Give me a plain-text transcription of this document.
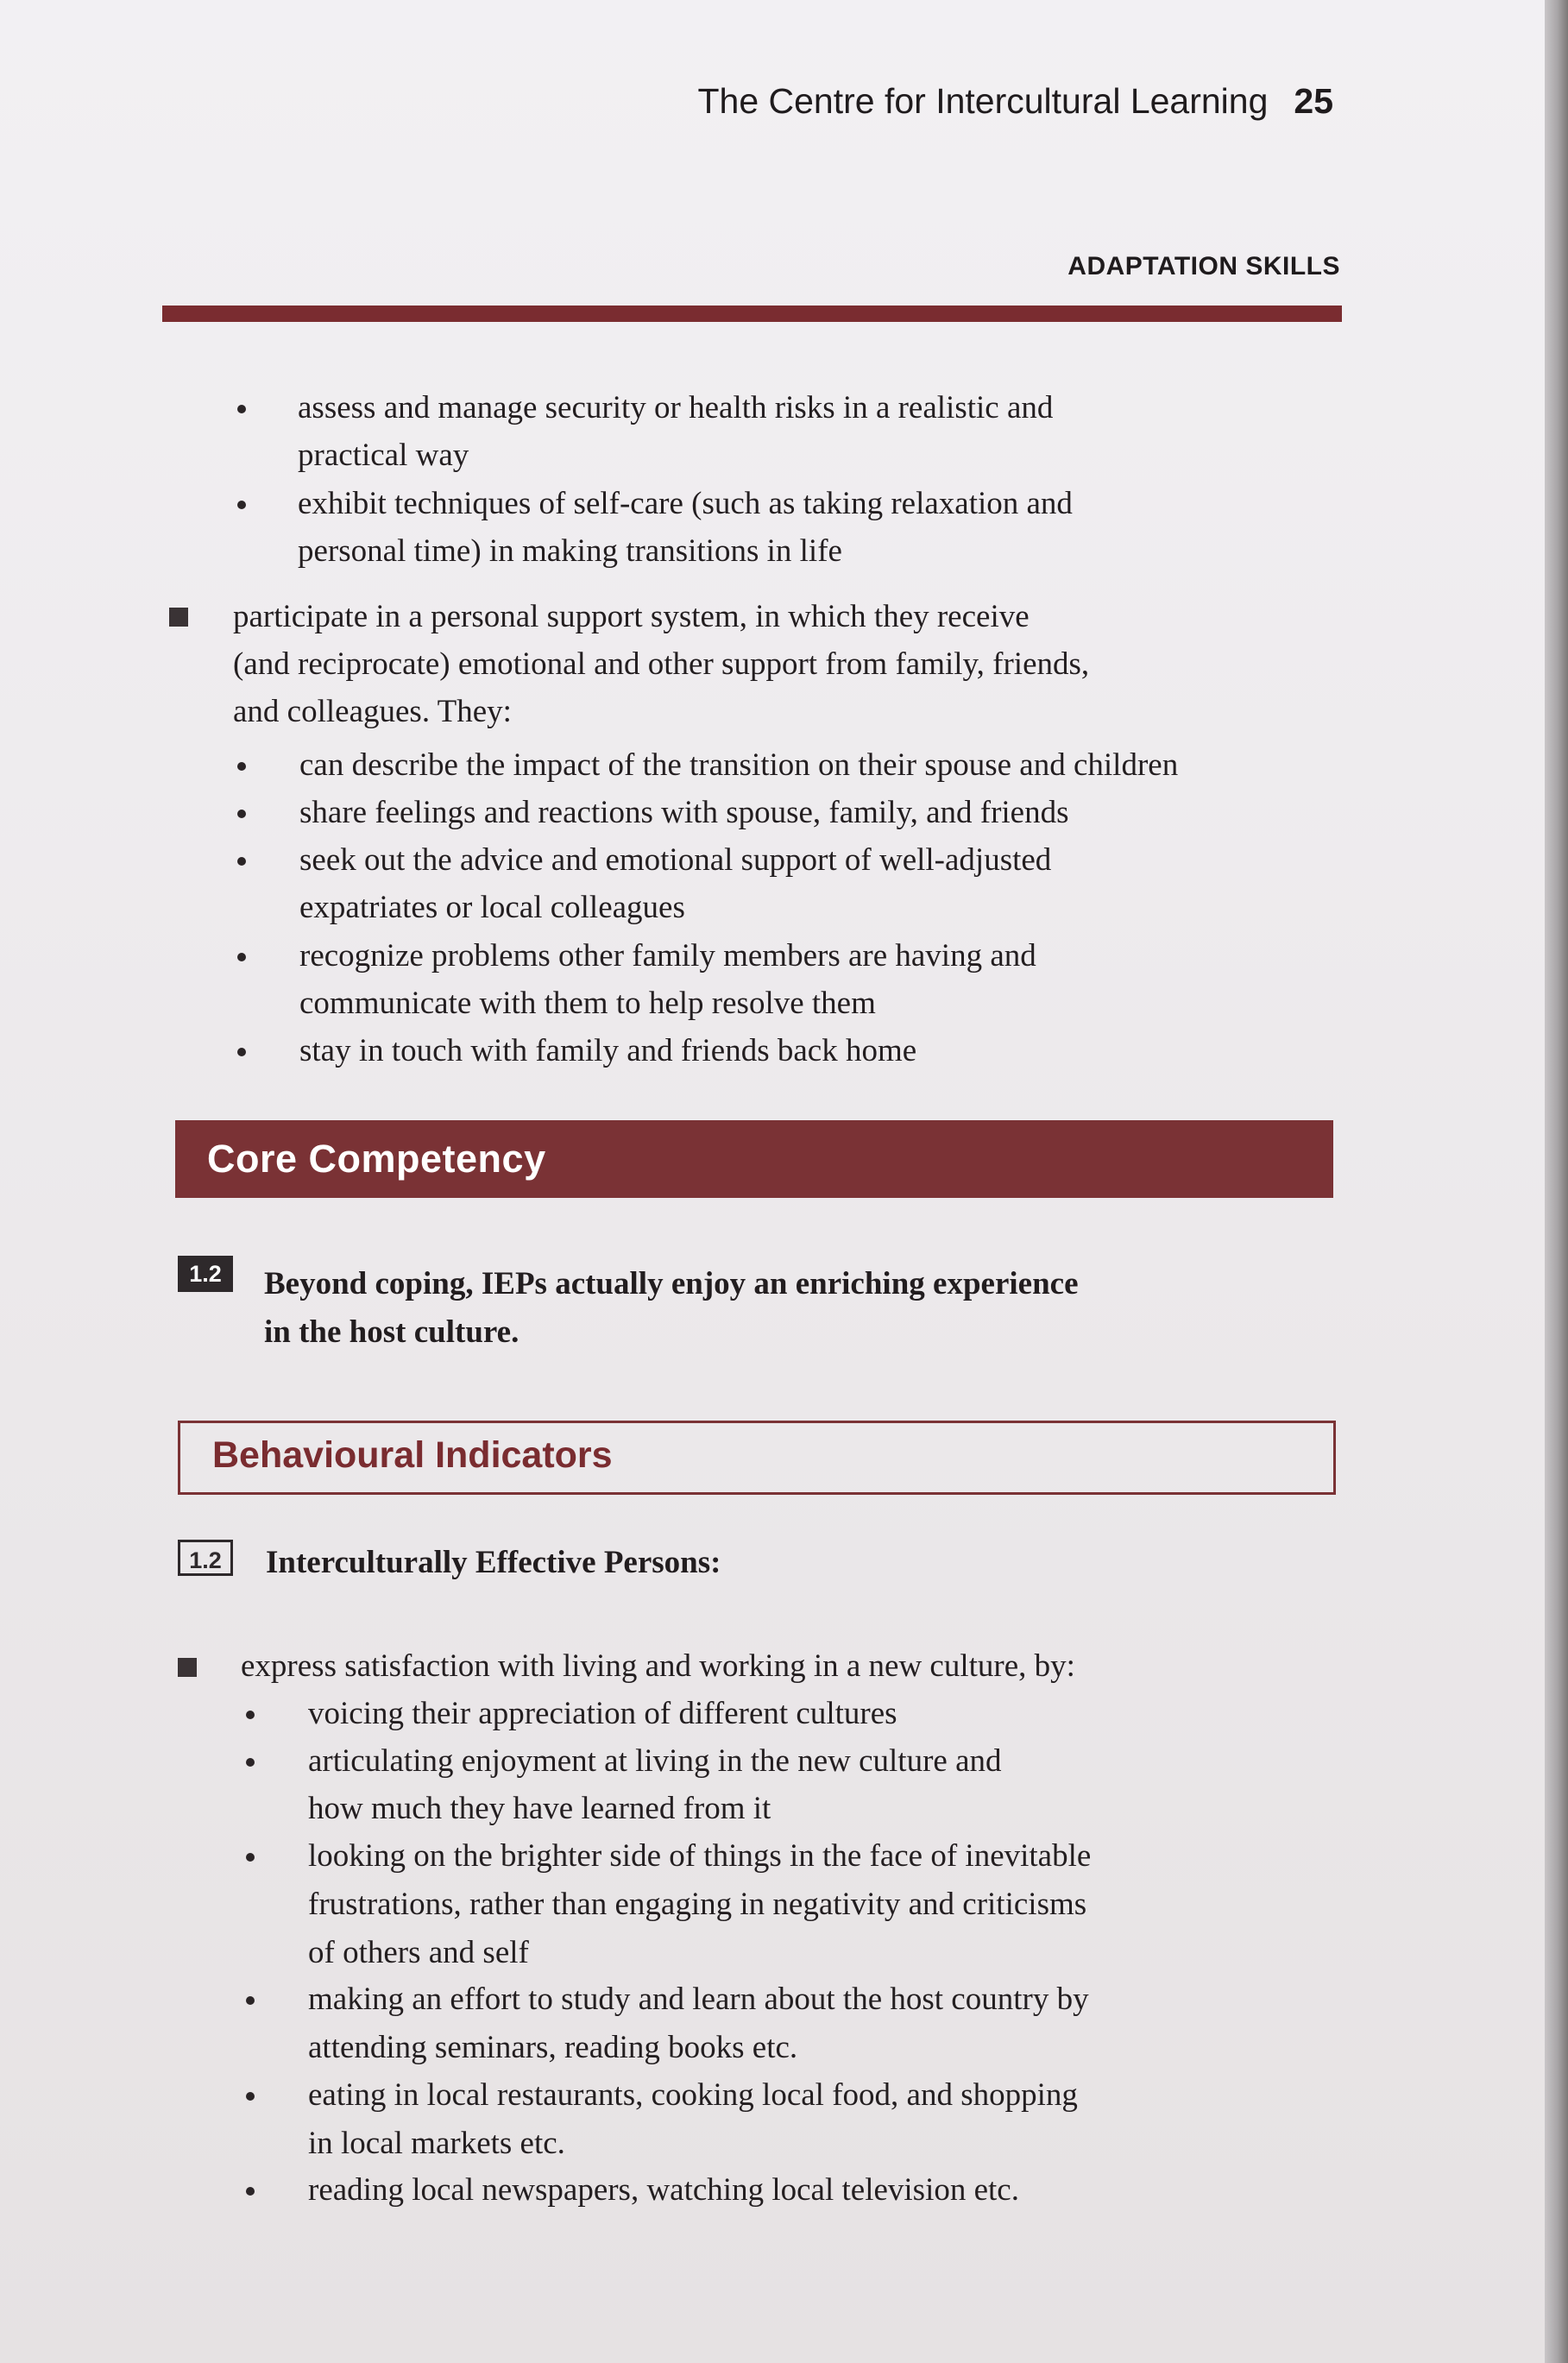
The Centre for Intercultural Learning 25
ADAPTATION SKILLS
assess and manage security or health risks in a realistic and
practical way
exhibit techniques of self-care (such as taking relaxation and
personal time) in making transitions in life
participate in a personal support system, in which they receive
(and reciprocate) emotional and other support from family, friends,
and colleagues. They:
can describe the impact of the transition on their spouse and children
share feelings and reactions with spouse, family, and friends
seek out the advice and emotional support of well-adjusted
expatriates or local colleagues
recognize problems other family members are having and
communicate with them to help resolve them
stay in touch with family and friends back home
Core Competency
1.2	Beyond coping, IEPs actually enjoy an enriching experience
in the host culture.
Behavioural Indicators
1.2	Interculturally Effective Persons:
express satisfaction with living and working in a new culture, by:
voicing their appreciation of different cultures
articulating enjoyment at living in the new culture and
how much they have learned from it
looking on the brighter side of things in the face of inevitable
frustrations, rather than engaging in negativity and criticisms
of others and self
making an effort to study and learn about the host country by
attending seminars, reading books etc.
eating in local restaurants, cooking local food, and shopping
in local markets etc.
reading local newspapers, watching local television etc.
